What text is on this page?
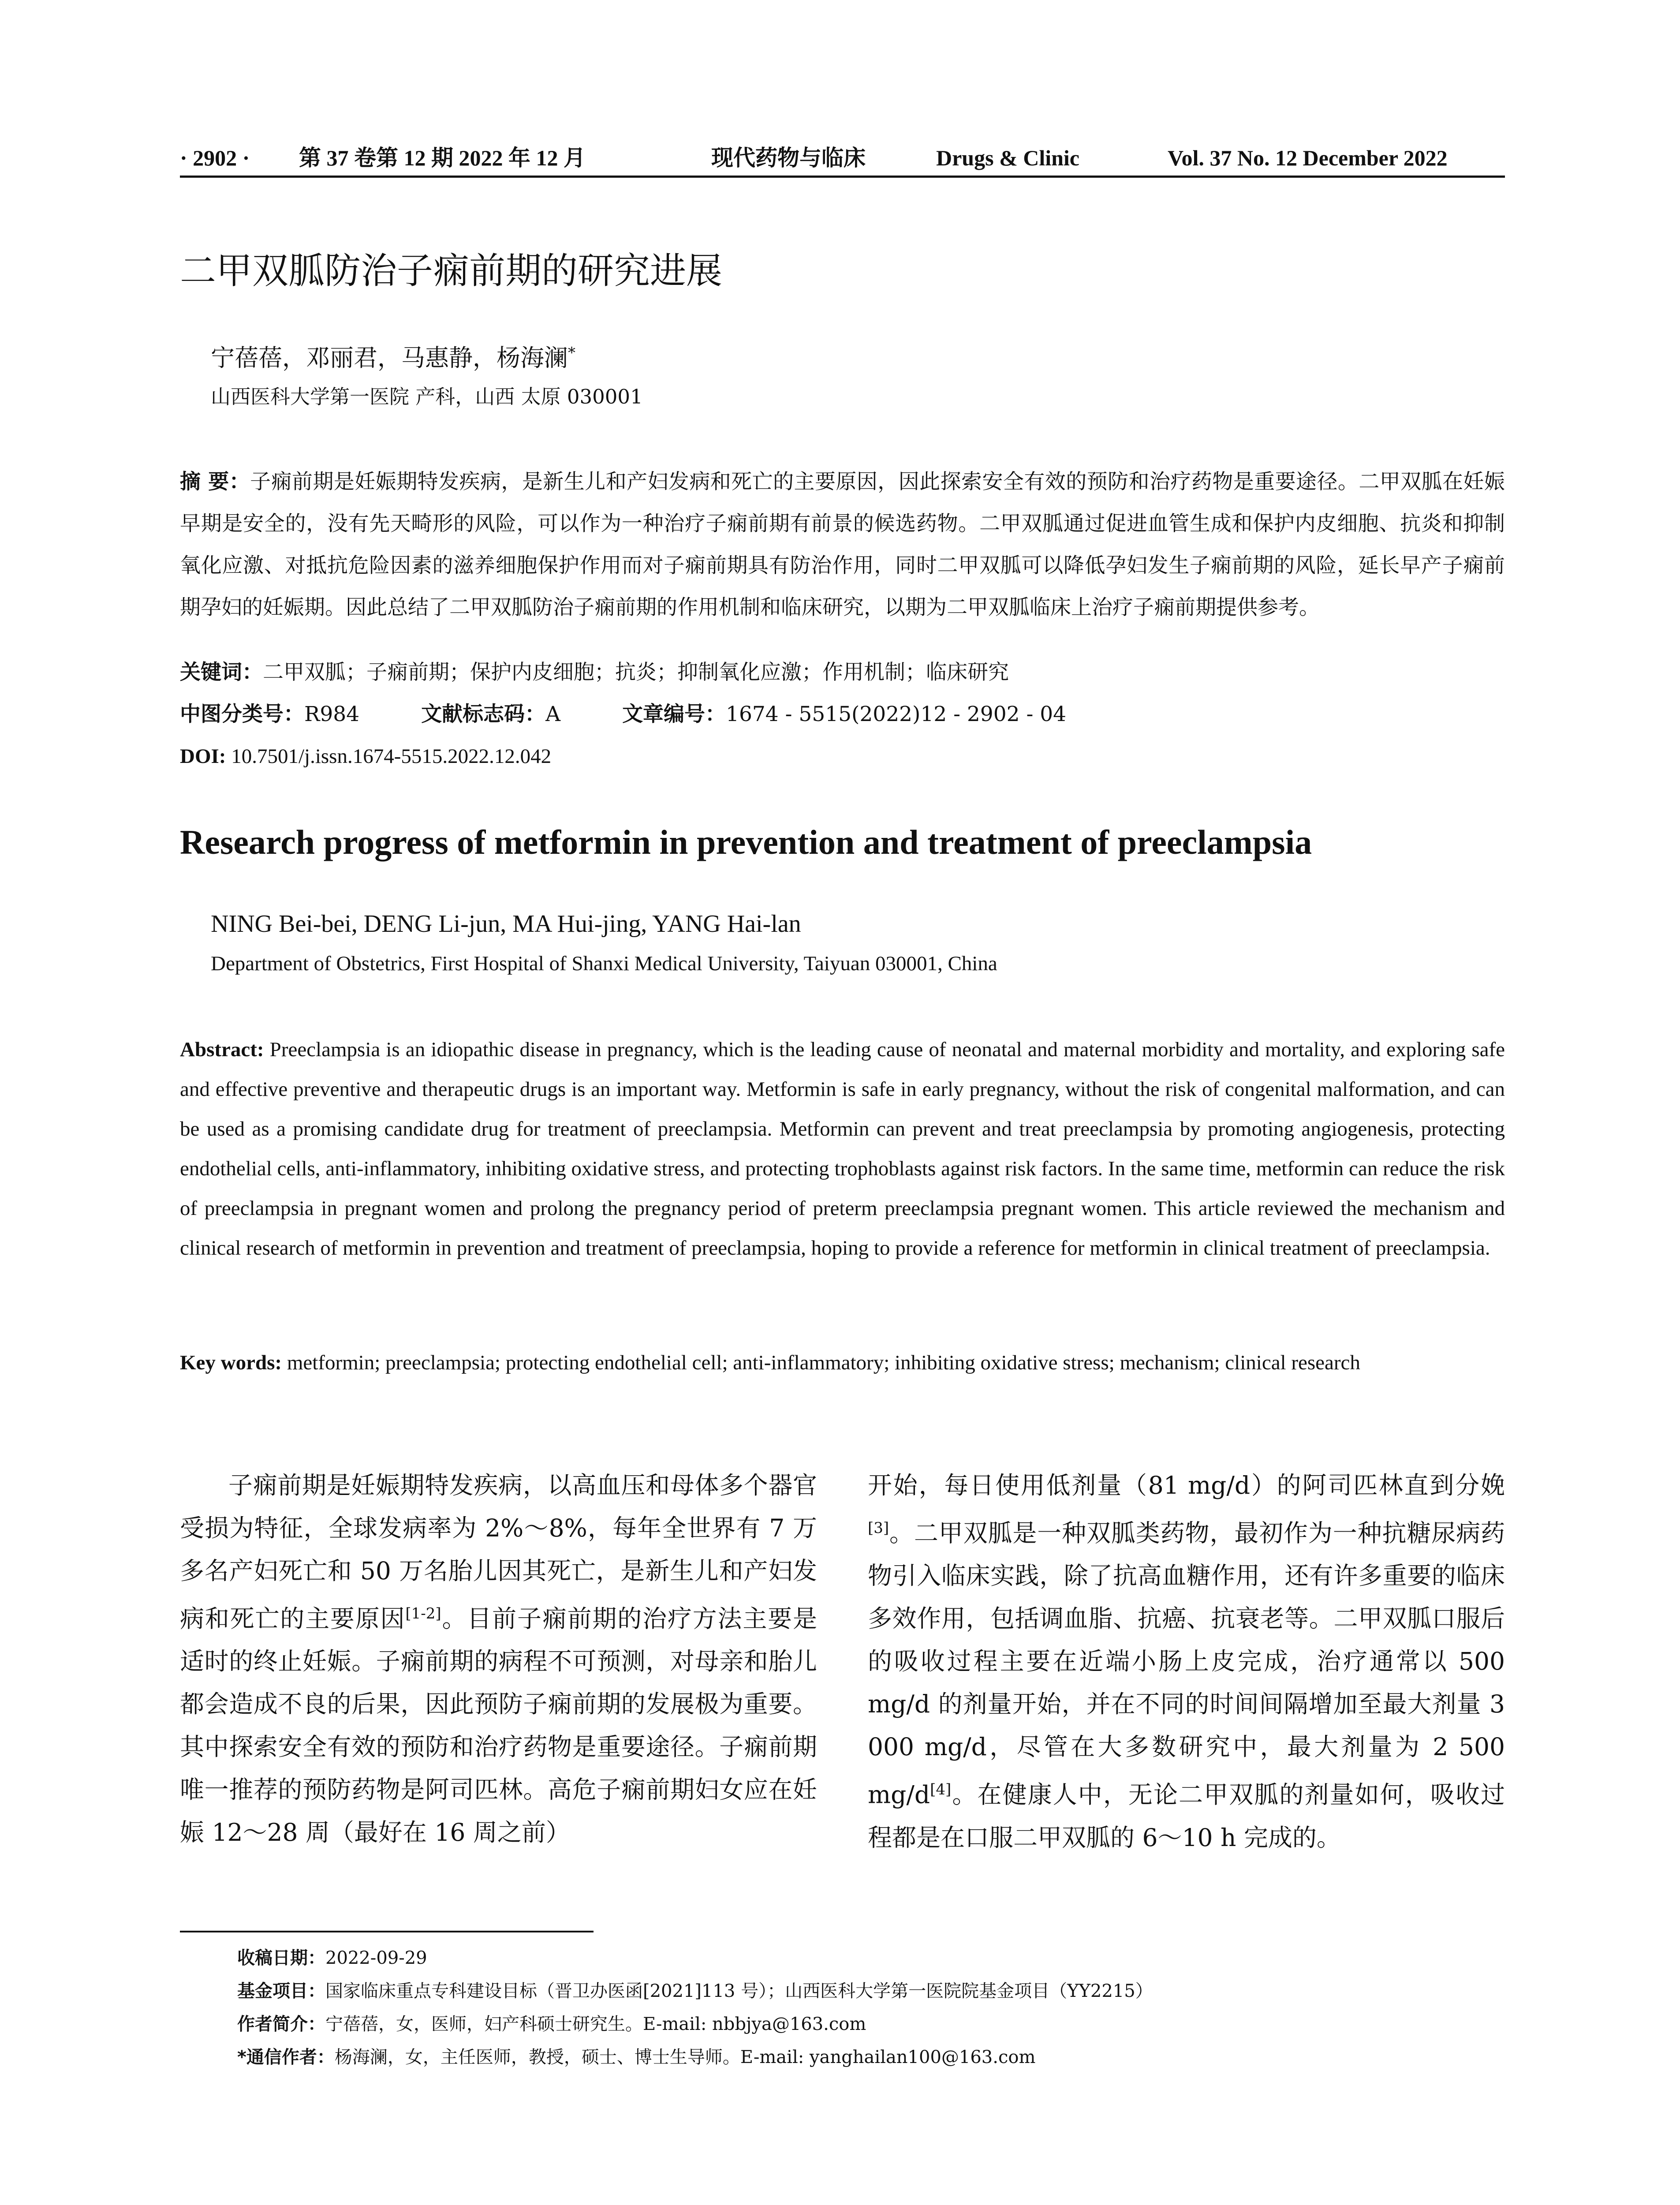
· 2902 · 第 37 卷第 12 期 2022 年 12 月	现代药物与临床	Drugs & Clinic	Vol. 37 No. 12 December 2022
二甲双胍防治子痫前期的研究进展
宁蓓蓓，邓丽君，马惠静，杨海澜*
山西医科大学第一医院 产科，山西 太原 030001
摘 要：子痫前期是妊娠期特发疾病，是新生儿和产妇发病和死亡的主要原因，因此探索安全有效的预防和治疗药物是重要途径。二甲双胍在妊娠早期是安全的，没有先天畸形的风险，可以作为一种治疗子痫前期有前景的候选药物。二甲双胍通过促进血管生成和保护内皮细胞、抗炎和抑制氧化应激、对抵抗危险因素的滋养细胞保护作用而对子痫前期具有防治作用，同时二甲双胍可以降低孕妇发生子痫前期的风险，延长早产子痫前期孕妇的妊娠期。因此总结了二甲双胍防治子痫前期的作用机制和临床研究，以期为二甲双胍临床上治疗子痫前期提供参考。
关键词：二甲双胍；子痫前期；保护内皮细胞；抗炎；抑制氧化应激；作用机制；临床研究
中图分类号：R984	文献标志码：A	文章编号：1674 - 5515(2022)12 - 2902 - 04
DOI: 10.7501/j.issn.1674-5515.2022.12.042
Research progress of metformin in prevention and treatment of preeclampsia
NING Bei-bei, DENG Li-jun, MA Hui-jing, YANG Hai-lan
Department of Obstetrics, First Hospital of Shanxi Medical University, Taiyuan 030001, China
Abstract: Preeclampsia is an idiopathic disease in pregnancy, which is the leading cause of neonatal and maternal morbidity and mortality, and exploring safe and effective preventive and therapeutic drugs is an important way. Metformin is safe in early pregnancy, without the risk of congenital malformation, and can be used as a promising candidate drug for treatment of preeclampsia. Metformin can prevent and treat preeclampsia by promoting angiogenesis, protecting endothelial cells, anti-inflammatory, inhibiting oxidative stress, and protecting trophoblasts against risk factors. In the same time, metformin can reduce the risk of preeclampsia in pregnant women and prolong the pregnancy period of preterm preeclampsia pregnant women. This article reviewed the mechanism and clinical research of metformin in prevention and treatment of preeclampsia, hoping to provide a reference for metformin in clinical treatment of preeclampsia.
Key words: metformin; preeclampsia; protecting endothelial cell; anti-inflammatory; inhibiting oxidative stress; mechanism; clinical research
子痫前期是妊娠期特发疾病，以高血压和母体多个器官受损为特征，全球发病率为 2%～8%，每年全世界有 7 万多名产妇死亡和 50 万名胎儿因其死亡，是新生儿和产妇发病和死亡的主要原因[1-2]。目前子痫前期的治疗方法主要是适时的终止妊娠。子痫前期的病程不可预测，对母亲和胎儿都会造成不良的后果，因此预防子痫前期的发展极为重要。其中探索安全有效的预防和治疗药物是重要途径。子痫前期唯一推荐的预防药物是阿司匹林。高危子痫前期妇女应在妊娠 12～28 周（最好在 16 周之前）
开始，每日使用低剂量（81 mg/d）的阿司匹林直到分娩[3]。二甲双胍是一种双胍类药物，最初作为一种抗糖尿病药物引入临床实践，除了抗高血糖作用，还有许多重要的临床多效作用，包括调血脂、抗癌、抗衰老等。二甲双胍口服后的吸收过程主要在近端小肠上皮完成，治疗通常以 500 mg/d 的剂量开始，并在不同的时间间隔增加至最大剂量 3 000 mg/d，尽管在大多数研究中，最大剂量为 2 500 mg/d[4]。在健康人中，无论二甲双胍的剂量如何，吸收过程都是在口服二甲双胍的 6～10 h 完成的。
收稿日期：2022-09-29
基金项目：国家临床重点专科建设目标（晋卫办医函[2021]113 号）；山西医科大学第一医院院基金项目（YY2215）
作者简介：宁蓓蓓，女，医师，妇产科硕士研究生。E-mail: nbbjya@163.com
*通信作者：杨海澜，女，主任医师，教授，硕士、博士生导师。E-mail: yanghailan100@163.com
